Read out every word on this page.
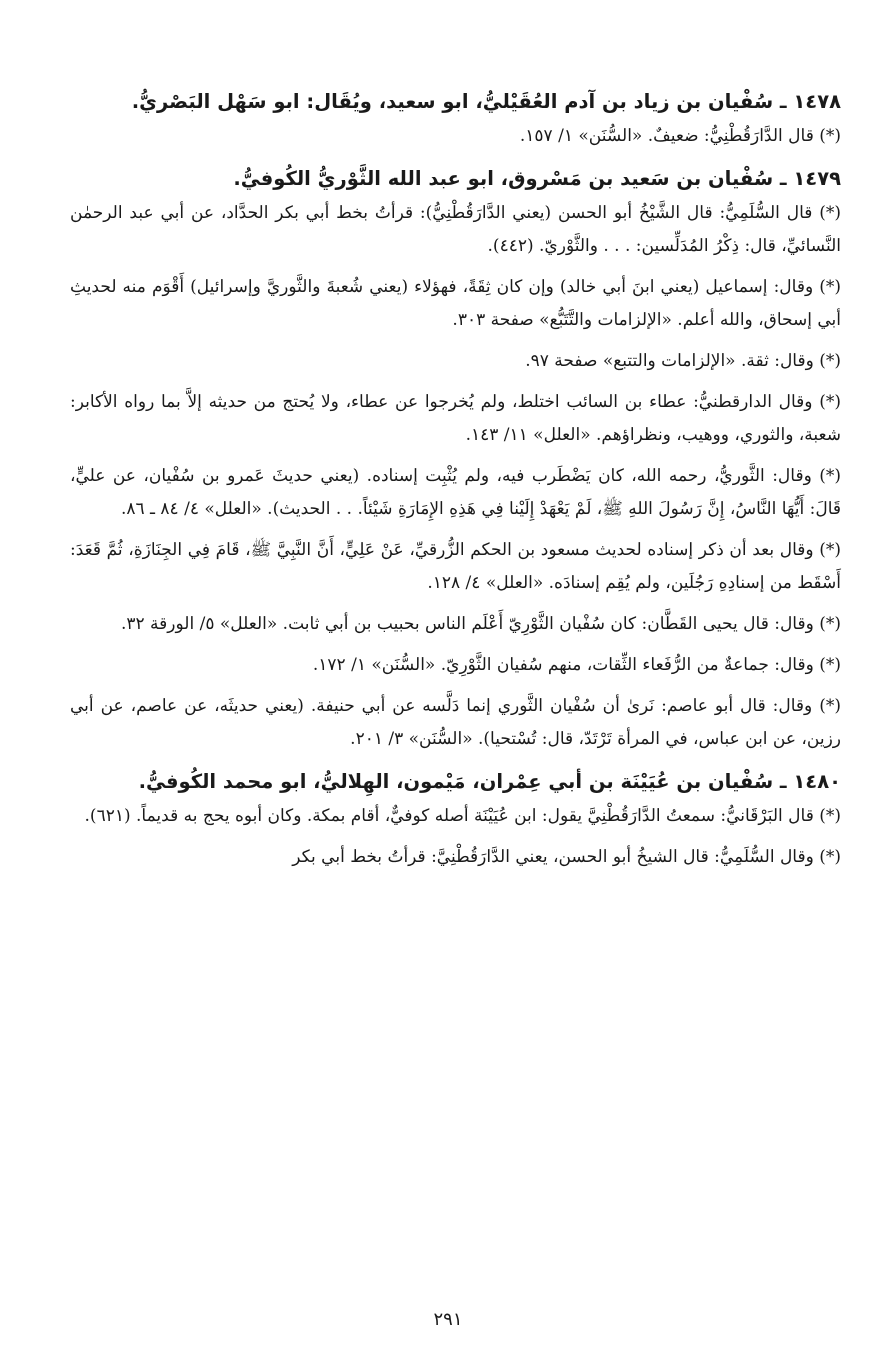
١٤٧٨ ـ سُفْيان بن زياد بن آدم العُقَيْليُّ، ابو سعيد، ويُقَال: ابو سَهْل البَصْريُّ.

(*) قال الدَّارَقُطْنِيُّ: ضعيفٌ. «السُّنَن» ١/ ١٥٧.

١٤٧٩ ـ سُفْيان بن سَعيد بن مَسْروق، ابو عبد الله الثَّوْريُّ الكُوفيُّ.

(*) قال السُّلَمِيُّ: قال الشَّيْخُ أبو الحسن (يعني الدَّارَقُطْنِيُّ): قرأتُ بخط أبي بكر الحدَّاد، عن أبي عبد الرحمٰن النَّسائيِّ، قال: ذِكْرُ المُدَلِّسين: . . . والثَّوْريّ. (٤٤٢).

(*) وقال: إسماعيل (يعني ابنَ أبي خالد) وإن كان ثِقَةً، فهؤلاء (يعني شُعبةَ والثَّوريَّ وإسرائيل) أَقْوَم منه لحديثِ أبي إسحاق، والله أعلم. «الإلزامات والتَّتَبُّع» صفحة ٣٠٣.

(*) وقال: ثقة. «الإلزامات والتتبع» صفحة ٩٧.

(*) وقال الدارقطنيُّ: عطاء بن السائب اختلط، ولم يُخرجوا عن عطاء، ولا يُحتج من حديثه إلاَّ بما رواه الأكابر: شعبة، والثوري، ووهيب، ونظراؤهم. «العلل» ١١/ ١٤٣.

(*) وقال: الثَّوريُّ، رحمه الله، كان يَضْطَرب فيه، ولم يُثْبِت إسناده. (يعني حديثَ عَمرو بن سُفْيان، عن عليٍّ، قَالَ: أَيُّهَا النَّاسُ، إِنَّ رَسُولَ اللهِ ﷺ، لَمْ يَعْهَدْ إِلَيْنا فِي هَذِهِ الإِمَارَةِ شَيْئاً. . . الحديث). «العلل» ٤/ ٨٤ ـ ٨٦.

(*) وقال بعد أن ذكر إسناده لحديث مسعود بن الحكم الزُّرقيِّ، عَنْ عَلِيٍّ، أَنَّ النَّبِيَّ ﷺ، قَامَ فِي الجِنَازَةِ، ثُمَّ قَعَدَ: أَسْقَط من إسنادِهِ رَجُلَين، ولم يُقِم إسنادَه. «العلل» ٤/ ١٢٨.

(*) وقال: قال يحيى القَطَّان: كان سُفْيان الثَّوْرِيّ أَعْلَم الناس بحبيب بن أبي ثابت. «العلل» ٥/ الورقة ٣٢.

(*) وقال: جماعةٌ من الرُّفَعاء الثِّقات، منهم سُفيان الثَّوْرِيّ. «السُّنَن» ١/ ١٧٢.

(*) وقال: قال أبو عاصم: نَرىٰ أن سُفْيان الثَّوري إنما دَلَّسه عن أبي حنيفة. (يعني حديثَه، عن عاصم، عن أبي رزين، عن ابن عباس، في المرأة تَرْتَدّ، قال: تُسْتحيا). «السُّنَن» ٣/ ٢٠١.

١٤٨٠ ـ سُفْيان بن عُيَيْنَة بن أبي عِمْران، مَيْمون، الهِلاليُّ، ابو محمد الكُوفيُّ.

(*) قال البَرْقَانيُّ: سمعتُ الدَّارَقُطْنِيَّ يقول: ابن عُيَيْنَة أصله كوفيٌّ، أقام بمكة. وكان أبوه يحج به قديماً. (٦٢١).

(*) وقال السُّلَمِيُّ: قال الشيخُ أبو الحسن، يعني الدَّارَقُطْنِيَّ: قرأتُ بخط أبي بكر

٢٩١
